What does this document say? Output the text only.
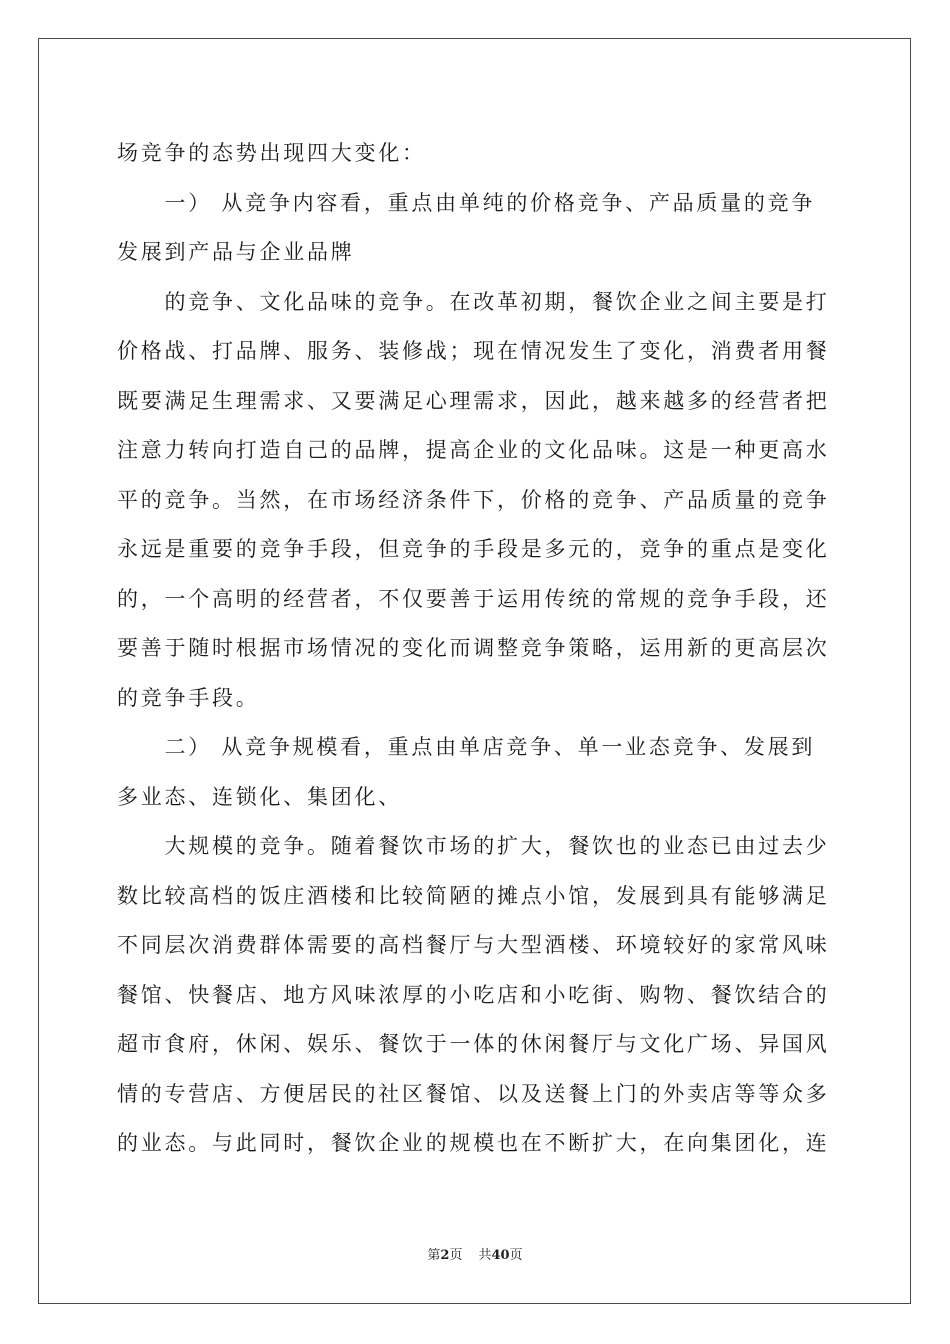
场竞争的态势出现四大变化：
一） 从竞争内容看，重点由单纯的价格竞争、产品质量的竞争
发展到产品与企业品牌
的竞争、文化品味的竞争。在改革初期，餐饮企业之间主要是打
价格战、打品牌、服务、装修战；现在情况发生了变化，消费者用餐
既要满足生理需求、又要满足心理需求，因此，越来越多的经营者把
注意力转向打造自己的品牌，提高企业的文化品味。这是一种更高水
平的竞争。当然，在市场经济条件下，价格的竞争、产品质量的竞争
永远是重要的竞争手段，但竞争的手段是多元的，竞争的重点是变化
的，一个高明的经营者，不仅要善于运用传统的常规的竞争手段，还
要善于随时根据市场情况的变化而调整竞争策略，运用新的更高层次
的竞争手段。
二） 从竞争规模看，重点由单店竞争、单一业态竞争、发展到
多业态、连锁化、集团化、
大规模的竞争。随着餐饮市场的扩大，餐饮也的业态已由过去少
数比较高档的饭庄酒楼和比较简陋的摊点小馆，发展到具有能够满足
不同层次消费群体需要的高档餐厅与大型酒楼、环境较好的家常风味
餐馆、快餐店、地方风味浓厚的小吃店和小吃街、购物、餐饮结合的
超市食府，休闲、娱乐、餐饮于一体的休闲餐厅与文化广场、异国风
情的专营店、方便居民的社区餐馆、以及送餐上门的外卖店等等众多
的业态。与此同时，餐饮企业的规模也在不断扩大，在向集团化，连
第2页 共40页
